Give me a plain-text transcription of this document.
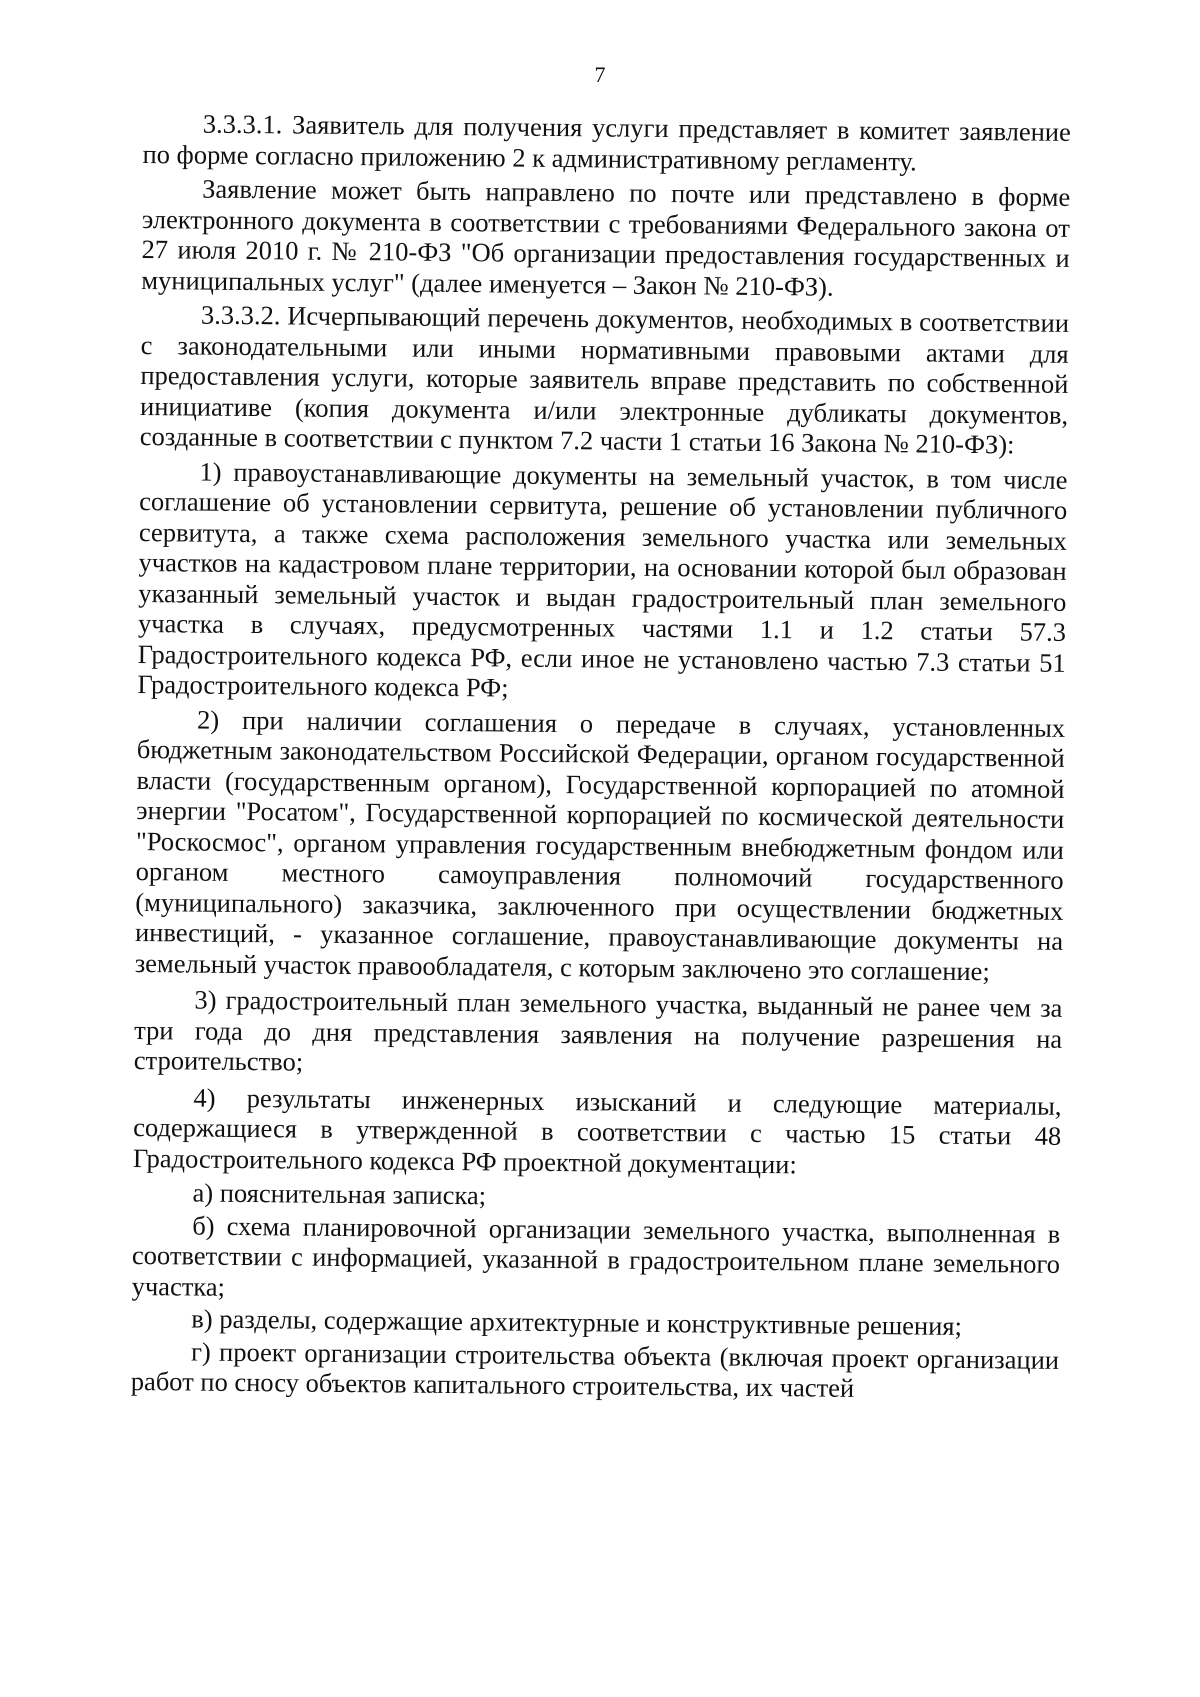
7

3.3.3.1. Заявитель для получения услуги представляет в комитет заявление по форме согласно приложению 2 к административному регламенту.

Заявление может быть направлено по почте или представлено в форме электронного документа в соответствии с требованиями Федерального закона от 27 июля 2010 г. № 210-ФЗ "Об организации предоставления государственных и муниципальных услуг" (далее именуется – Закон № 210-ФЗ).

3.3.3.2. Исчерпывающий перечень документов, необходимых в соответствии с законодательными или иными нормативными правовыми актами для предоставления услуги, которые заявитель вправе представить по собственной инициативе (копия документа и/или электронные дубликаты документов, созданные в соответствии с пунктом 7.2 части 1 статьи 16 Закона № 210-ФЗ):

1) правоустанавливающие документы на земельный участок, в том числе соглашение об установлении сервитута, решение об установлении публичного сервитута, а также схема расположения земельного участка или земельных участков на кадастровом плане территории, на основании которой был образован указанный земельный участок и выдан градостроительный план земельного участка в случаях, предусмотренных частями 1.1 и 1.2 статьи 57.3 Градостроительного кодекса РФ, если иное не установлено частью 7.3 статьи 51 Градостроительного кодекса РФ;

2) при наличии соглашения о передаче в случаях, установленных бюджетным законодательством Российской Федерации, органом государственной власти (государственным органом), Государственной корпорацией по атомной энергии "Росатом", Государственной корпорацией по космической деятельности "Роскосмос", органом управления государственным внебюджетным фондом или органом местного самоуправления полномочий государственного (муниципального) заказчика, заключенного при осуществлении бюджетных инвестиций, - указанное соглашение, правоустанавливающие документы на земельный участок правообладателя, с которым заключено это соглашение;

3) градостроительный план земельного участка, выданный не ранее чем за три года до дня представления заявления на получение разрешения на строительство;

4) результаты инженерных изысканий и следующие материалы, содержащиеся в утвержденной в соответствии с частью 15 статьи 48 Градостроительного кодекса РФ проектной документации:

а) пояснительная записка;

б) схема планировочной организации земельного участка, выполненная в соответствии с информацией, указанной в градостроительном плане земельного участка;

в) разделы, содержащие архитектурные и конструктивные решения;

г) проект организации строительства объекта (включая проект организации работ по сносу объектов капитального строительства, их частей
